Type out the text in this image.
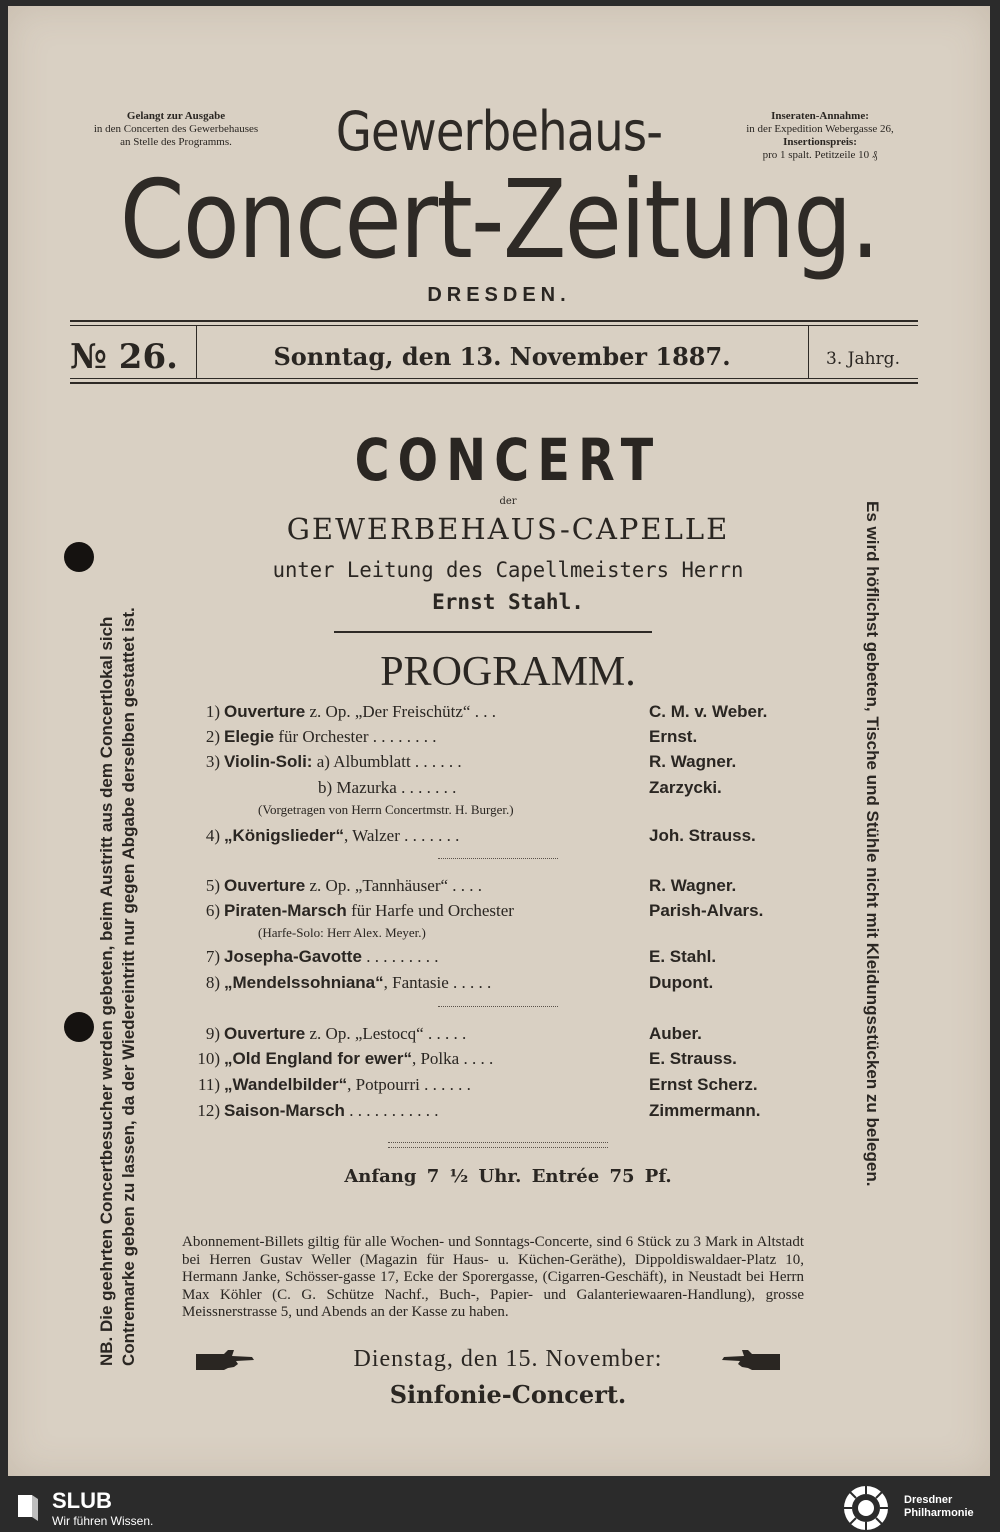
Gelangt zur Ausgabe
in den Concerten des Gewerbehauses
an Stelle des Programms.
Inseraten-Annahme:
in der Expedition Webergasse 26,
Insertionspreis:
pro 1 spalt. Petitzeile 10 ₰
Gewerbehaus-
Concert-Zeitung.
DRESDEN.
№ 26.	Sonntag, den 13. November 1887.	3. Jahrg.
CONCERT
der
GEWERBEHAUS-CAPELLE
unter Leitung des Capellmeisters Herrn
Ernst Stahl.
PROGRAMM.
1) Ouverture z. Op. „Der Freischütz“ . . .	C. M. v. Weber.
2) Elegie für Orchester . . . . . . . .	Ernst.
3) Violin-Soli: a) Albumblatt . . . . . .	R. Wagner.
b) Mazurka . . . . . . .	Zarzycki.
(Vorgetragen von Herrn Concertmstr. H. Burger.)
4) „Königslieder“, Walzer . . . . . . .	Joh. Strauss.
5) Ouverture z. Op. „Tannhäuser“ . . . .	R. Wagner.
6) Piraten-Marsch für Harfe und Orchester	Parish-Alvars.
(Harfe-Solo: Herr Alex. Meyer.)
7) Josepha-Gavotte . . . . . . . . .	E. Stahl.
8) „Mendelssohniana“, Fantasie . . . . .	Dupont.
9) Ouverture z. Op. „Lestocq“ . . . . .	Auber.
10) „Old England for ewer“, Polka . . . .	E. Strauss.
11) „Wandelbilder“, Potpourri . . . . . .	Ernst Scherz.
12) Saison-Marsch . . . . . . . . . . .	Zimmermann.
Anfang 7 ½ Uhr. Entrée 75 Pf.
Abonnement-Billets giltig für alle Wochen- und Sonntags-Concerte, sind 6 Stück zu 3 Mark in Altstadt bei Herren Gustav Weller (Magazin für Haus- u. Küchen-Geräthe), Dippoldiswaldaer-Platz 10, Hermann Janke, Schösser-gasse 17, Ecke der Sporergasse, (Cigarren-Geschäft), in Neustadt bei Herrn Max Köhler (C. G. Schütze Nachf., Buch-, Papier- und Galanteriewaaren-Handlung), grosse Meissnerstrasse 5, und Abends an der Kasse zu haben.
Dienstag, den 15. November:
Sinfonie-Concert.
NB. Die geehrten Concertbesucher werden gebeten, beim Austritt aus dem Concertlokal sich Contremarke geben zu lassen, da der Wiedereintritt nur gegen Abgabe derselben gestattet ist.	Es wird höflichst gebeten, Tische und Stühle nicht mit Kleidungsstücken zu belegen.
SLUB
Wir führen Wissen.
Dresdner
Philharmonie
